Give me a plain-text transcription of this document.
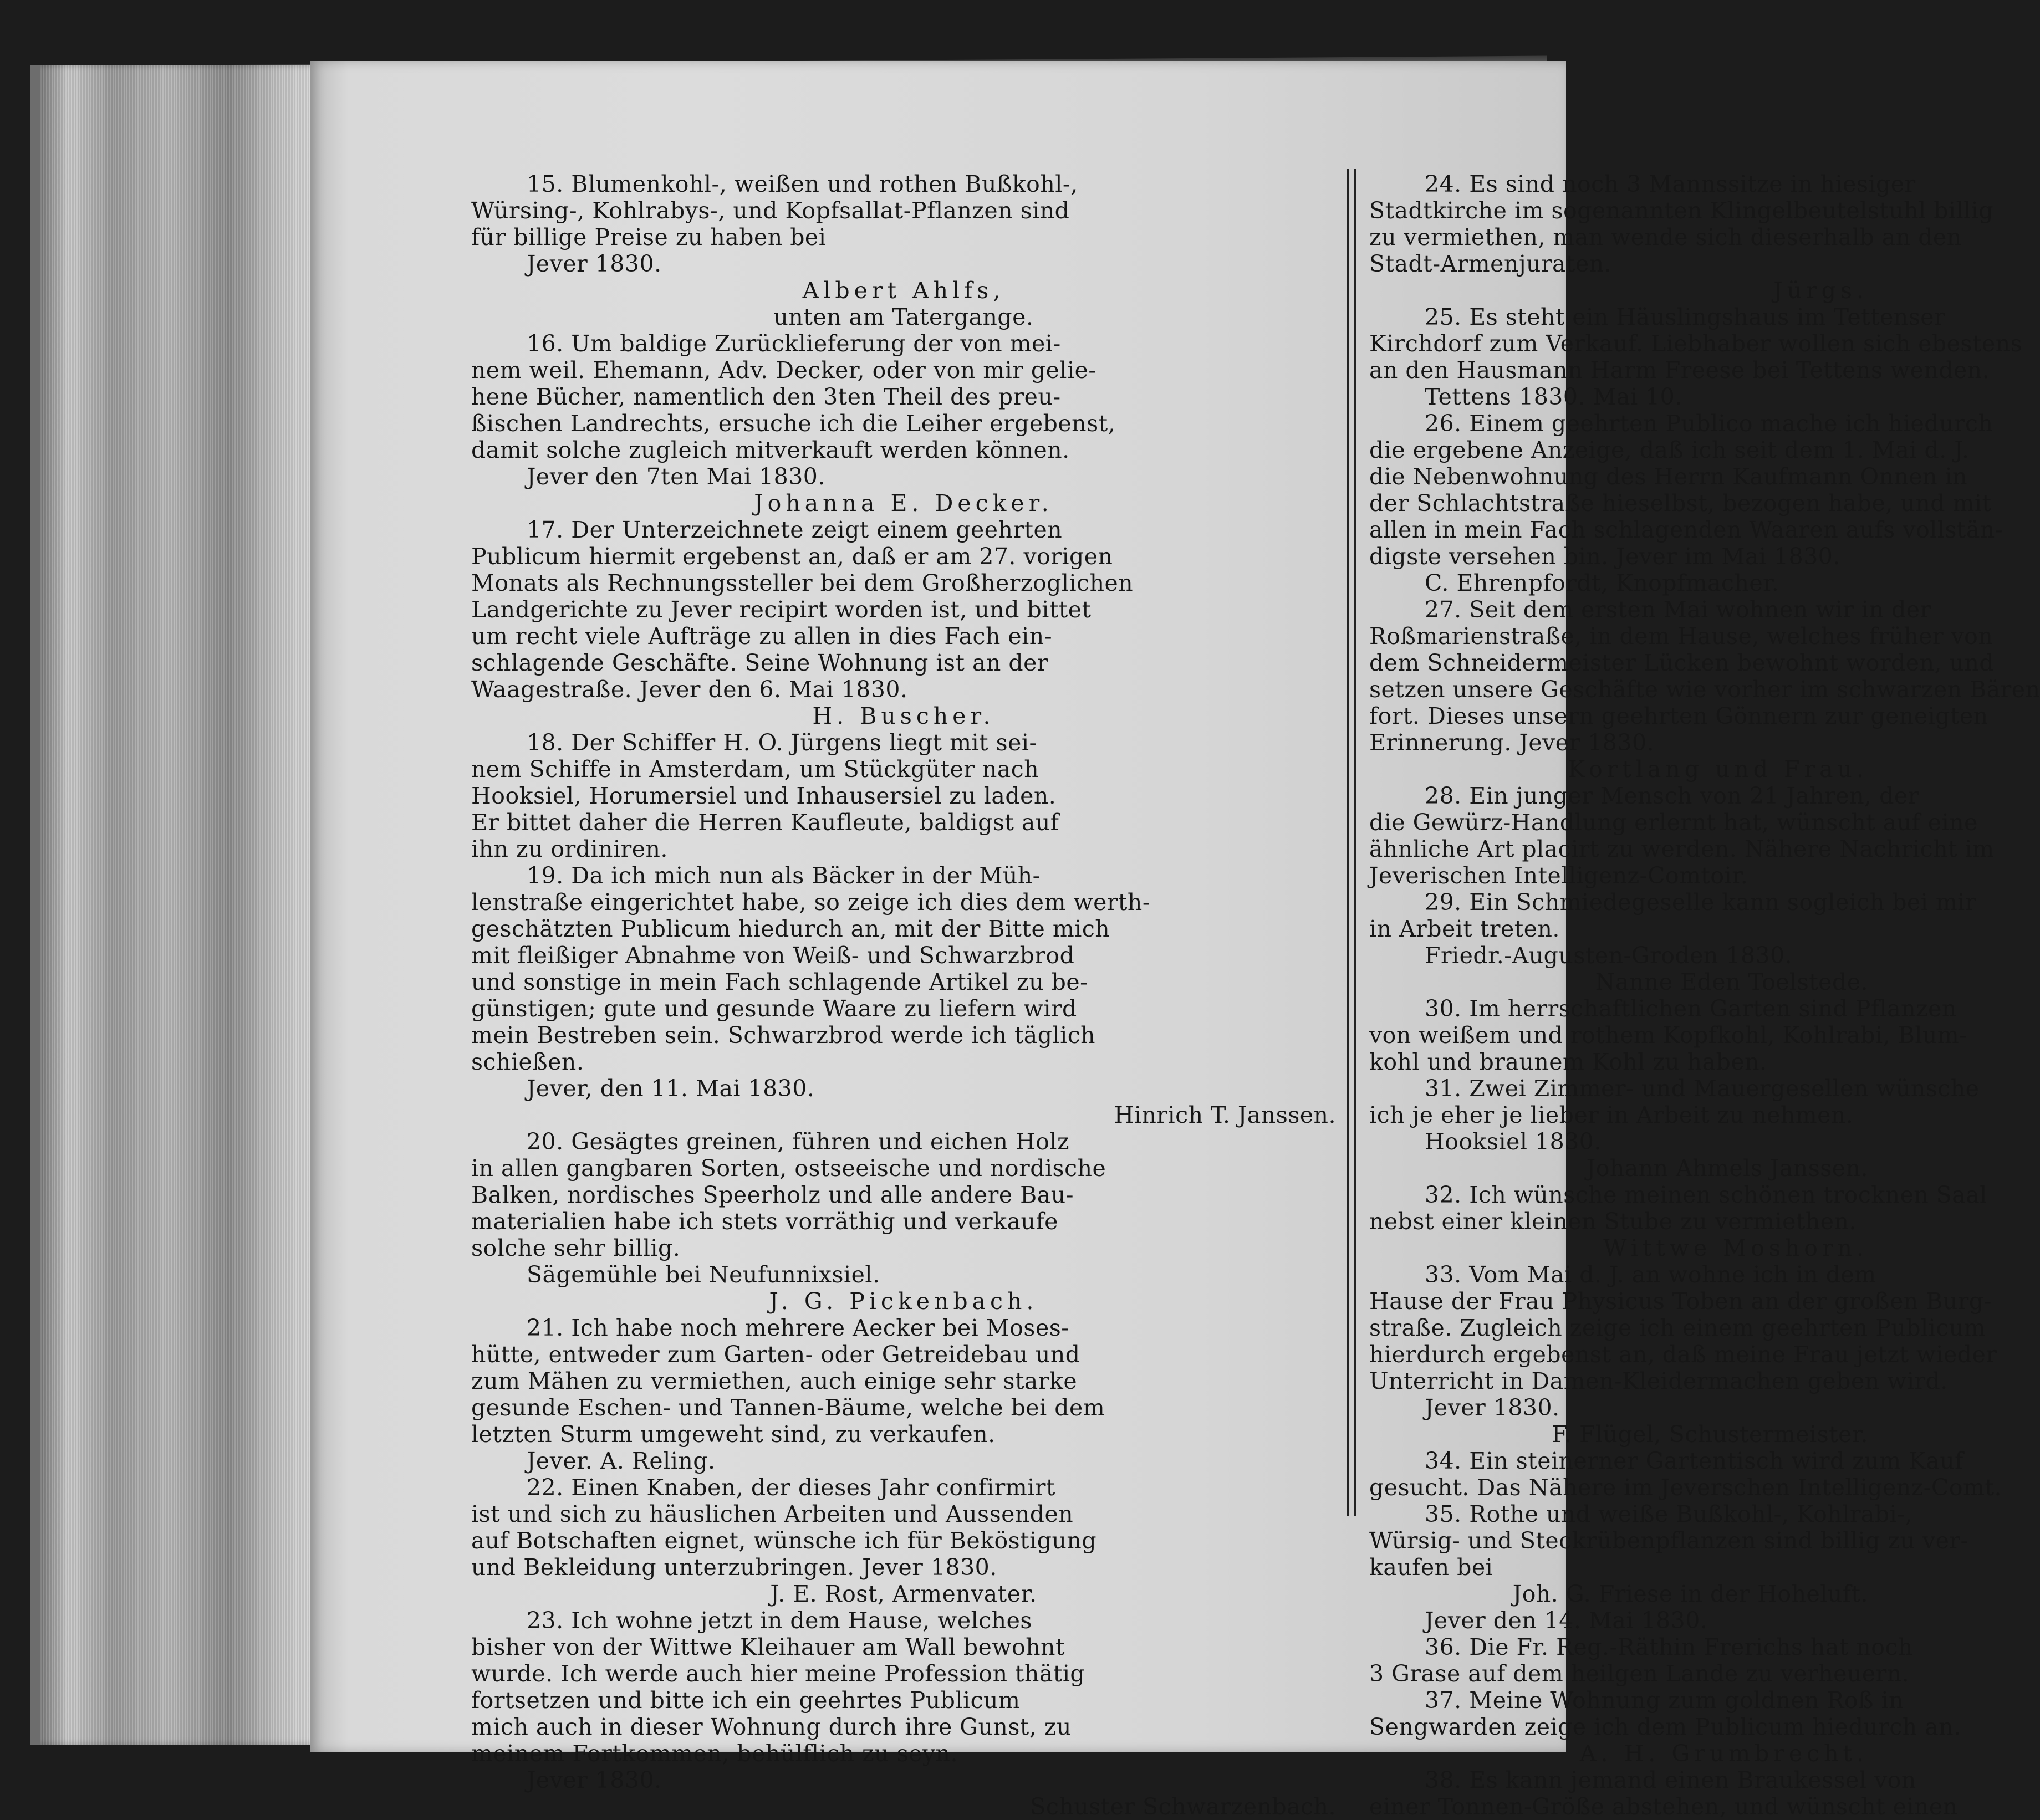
15. Blumenkohl-, weißen und rothen Bußkohl-,
Würsing-, Kohlrabys-, und Kopfsallat-Pflanzen sind
für billige Preise zu haben bei
Jever 1830.
Albert Ahlfs,
unten am Tatergange.
16. Um baldige Zurücklieferung der von mei-
nem weil. Ehemann, Adv. Decker, oder von mir gelie-
hene Bücher, namentlich den 3ten Theil des preu-
ßischen Landrechts, ersuche ich die Leiher ergebenst,
damit solche zugleich mitverkauft werden können.
Jever den 7ten Mai 1830.
Johanna E. Decker.
17. Der Unterzeichnete zeigt einem geehrten
Publicum hiermit ergebenst an, daß er am 27. vorigen
Monats als Rechnungssteller bei dem Großherzoglichen
Landgerichte zu Jever recipirt worden ist, und bittet
um recht viele Aufträge zu allen in dies Fach ein-
schlagende Geschäfte. Seine Wohnung ist an der
Waagestraße. Jever den 6. Mai 1830.
H. Buscher.
18. Der Schiffer H. O. Jürgens liegt mit sei-
nem Schiffe in Amsterdam, um Stückgüter nach
Hooksiel, Horumersiel und Inhausersiel zu laden.
Er bittet daher die Herren Kaufleute, baldigst auf
ihn zu ordiniren.
19. Da ich mich nun als Bäcker in der Müh-
lenstraße eingerichtet habe, so zeige ich dies dem werth-
geschätzten Publicum hiedurch an, mit der Bitte mich
mit fleißiger Abnahme von Weiß- und Schwarzbrod
und sonstige in mein Fach schlagende Artikel zu be-
günstigen; gute und gesunde Waare zu liefern wird
mein Bestreben sein. Schwarzbrod werde ich täglich
schießen.
Jever, den 11. Mai 1830.
Hinrich T. Janssen.
20. Gesägtes greinen, führen und eichen Holz
in allen gangbaren Sorten, ostseeische und nordische
Balken, nordisches Speerholz und alle andere Bau-
materialien habe ich stets vorräthig und verkaufe
solche sehr billig.
Sägemühle bei Neufunnixsiel.
J. G. Pickenbach.
21. Ich habe noch mehrere Aecker bei Moses-
hütte, entweder zum Garten- oder Getreidebau und
zum Mähen zu vermiethen, auch einige sehr starke
gesunde Eschen- und Tannen-Bäume, welche bei dem
letzten Sturm umgeweht sind, zu verkaufen.
Jever. A. Reling.
22. Einen Knaben, der dieses Jahr confirmirt
ist und sich zu häuslichen Arbeiten und Aussenden
auf Botschaften eignet, wünsche ich für Beköstigung
und Bekleidung unterzubringen. Jever 1830.
J. E. Rost, Armenvater.
23. Ich wohne jetzt in dem Hause, welches
bisher von der Wittwe Kleihauer am Wall bewohnt
wurde. Ich werde auch hier meine Profession thätig
fortsetzen und bitte ich ein geehrtes Publicum
mich auch in dieser Wohnung durch ihre Gunst, zu
meinem Fortkommen, behülflich zu seyn.
Jever 1830.
Schuster Schwarzenbach.
24. Es sind noch 3 Mannssitze in hiesiger
Stadtkirche im sogenannten Klingelbeutelstuhl billig
zu vermiethen, man wende sich dieserhalb an den
Stadt-Armenjuraten.
Jürgs.
25. Es steht ein Häuslingshaus im Tettenser
Kirchdorf zum Verkauf. Liebhaber wollen sich ebestens
an den Hausmann Harm Freese bei Tettens wenden.
Tettens 1830. Mai 10.
26. Einem geehrten Publico mache ich hiedurch
die ergebene Anzeige, daß ich seit dem 1. Mai d. J.
die Nebenwohnung des Herrn Kaufmann Onnen in
der Schlachtstraße hieselbst, bezogen habe, und mit
allen in mein Fach schlagenden Waaren aufs vollstän-
digste versehen bin. Jever im Mai 1830.
C. Ehrenpfordt, Knopfmacher.
27. Seit dem ersten Mai wohnen wir in der
Roßmarienstraße, in dem Hause, welches früher von
dem Schneidermeister Lücken bewohnt worden, und
setzen unsere Geschäfte wie vorher im schwarzen Bären
fort. Dieses unsern geehrten Gönnern zur geneigten
Erinnerung. Jever 1830.
Kortlang und Frau.
28. Ein junger Mensch von 21 Jahren, der
die Gewürz-Handlung erlernt hat, wünscht auf eine
ähnliche Art placirt zu werden. Nähere Nachricht im
Jeverischen Intelligenz-Comtoir.
29. Ein Schmiedegeselle kann sogleich bei mir
in Arbeit treten.
Friedr.-Augusten-Groden 1830.
Nanne Eden Toelstede.
30. Im herrschaftlichen Garten sind Pflanzen
von weißem und rothem Kopfkohl, Kohlrabi, Blum-
kohl und braunem Kohl zu haben.
31. Zwei Zimmer- und Mauergesellen wünsche
ich je eher je lieber in Arbeit zu nehmen.
Hooksiel 1830.
Johann Ahmels Janssen.
32. Ich wünsche meinen schönen trocknen Saal
nebst einer kleinen Stube zu vermiethen.
Wittwe Moshorn.
33. Vom Mai d. J. an wohne ich in dem
Hause der Frau Physicus Toben an der großen Burg-
straße. Zugleich zeige ich einem geehrten Publicum
hierdurch ergebenst an, daß meine Frau jetzt wieder
Unterricht in Damen-Kleidermachen geben wird.
Jever 1830.
F. Flügel, Schustermeister.
34. Ein steinerner Gartentisch wird zum Kauf
gesucht. Das Nähere im Jeverschen Intelligenz-Comt.
35. Rothe und weiße Bußkohl-, Kohlrabi-,
Würsig- und Steckrübenpflanzen sind billig zu ver-
kaufen bei
Joh. G. Friese in der Hoheluft.
Jever den 14. Mai 1830.
36. Die Fr. Reg.-Räthin Frerichs hat noch
3 Grase auf dem heilgen Lande zu verheuern.
37. Meine Wohnung zum goldnen Roß in
Sengwarden zeige ich dem Publicum hiedurch an.
A. H. Grumbrecht.
38. Es kann jemand einen Braukessel von
einer Tonnen-Größe abstehen, und wünscht einen
